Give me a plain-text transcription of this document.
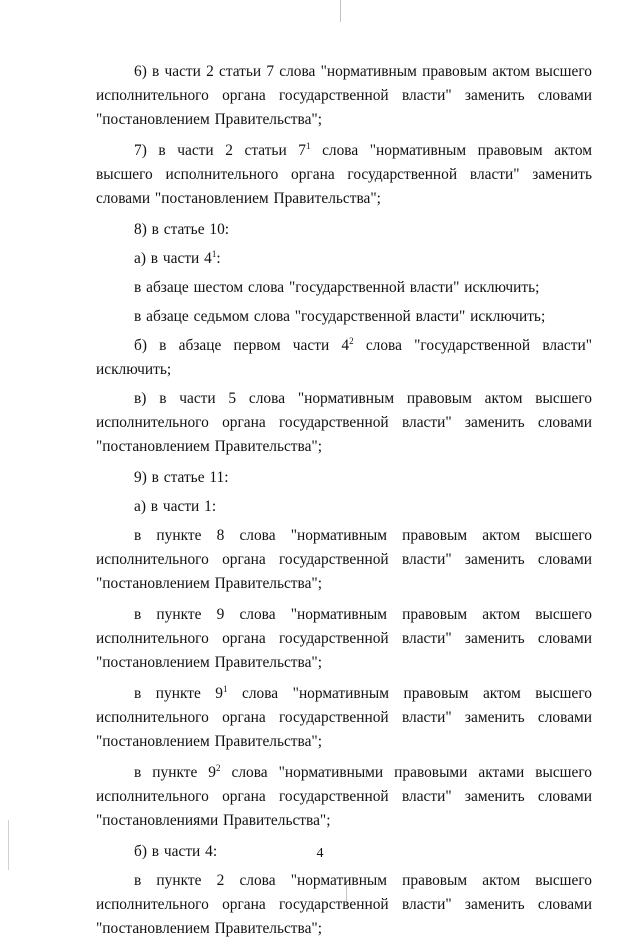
6) в части 2 статьи 7 слова "нормативным правовым актом высшего исполнительного органа государственной власти" заменить словами "постановлением Правительства";

7) в части 2 статьи $7^1$ слова "нормативным правовым актом высшего исполнительного органа государственной власти" заменить словами "постановлением Правительства";

8) в статье 10:

а) в части $4^1$:

в абзаце шестом слова "государственной власти" исключить;

в абзаце седьмом слова "государственной власти" исключить;

б) в абзаце первом части $4^2$ слова "государственной власти" исключить;

в) в части 5 слова "нормативным правовым актом высшего исполнительного органа государственной власти" заменить словами "постановлением Правительства";

9) в статье 11:

а) в части 1:

в пункте 8 слова "нормативным правовым актом высшего исполнительного органа государственной власти" заменить словами "постановлением Правительства";

в пункте 9 слова "нормативным правовым актом высшего исполнительного органа государственной власти" заменить словами "постановлением Правительства";

в пункте $9^1$ слова "нормативным правовым актом высшего исполнительного органа государственной власти" заменить словами "постановлением Правительства";

в пункте $9^2$ слова "нормативными правовыми актами высшего исполнительного органа государственной власти" заменить словами "постановлениями Правительства";

б) в части 4:

в пункте 2 слова "нормативным правовым актом высшего исполнительного органа государственной власти" заменить словами "постановлением Правительства";

4
